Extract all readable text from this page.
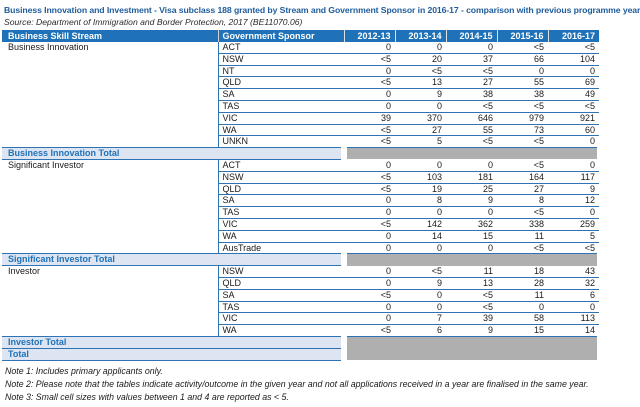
Business Innovation and Investment - Visa subclass 188 granted by Stream and Government Sponsor in 2016-17 - comparison with previous programme year
Source: Department of Immigration and Border Protection, 2017 (BE11070.06)
Business Skill Stream	Government Sponsor	2012-13	2013-14	2014-15	2015-16	2016-17
Business Innovation	ACT	0	0	0	<5	<5
	NSW	<5	20	37	66	104
	NT	0	<5	<5	0	0
	QLD	<5	13	27	55	69
	SA	0	9	38	38	49
	TAS	0	0	<5	<5	<5
	VIC	39	370	646	979	921
	WA	<5	27	55	73	60
	UNKN	<5	5	<5	<5	0
Business Innovation Total						
Significant Investor	ACT	0	0	0	<5	0
	NSW	<5	103	181	164	117
	QLD	<5	19	25	27	9
	SA	0	8	9	8	12
	TAS	0	0	0	<5	0
	VIC	<5	142	362	338	259
	WA	0	14	15	11	5
	AusTrade	0	0	0	<5	<5
Significant Investor Total						
Investor	NSW	0	<5	11	18	43
	QLD	0	9	13	28	32
	SA	<5	0	<5	11	6
	TAS	0	0	<5	0	0
	VIC	0	7	39	58	113
	WA	<5	6	9	15	14
Investor Total						
Total						
Note 1: Includes primary applicants only.
Note 2: Please note that the tables indicate activity/outcome in the given year and not all applications received in a year are finalised in the same year.
Note 3: Small cell sizes with values between 1 and 4 are reported as < 5.
